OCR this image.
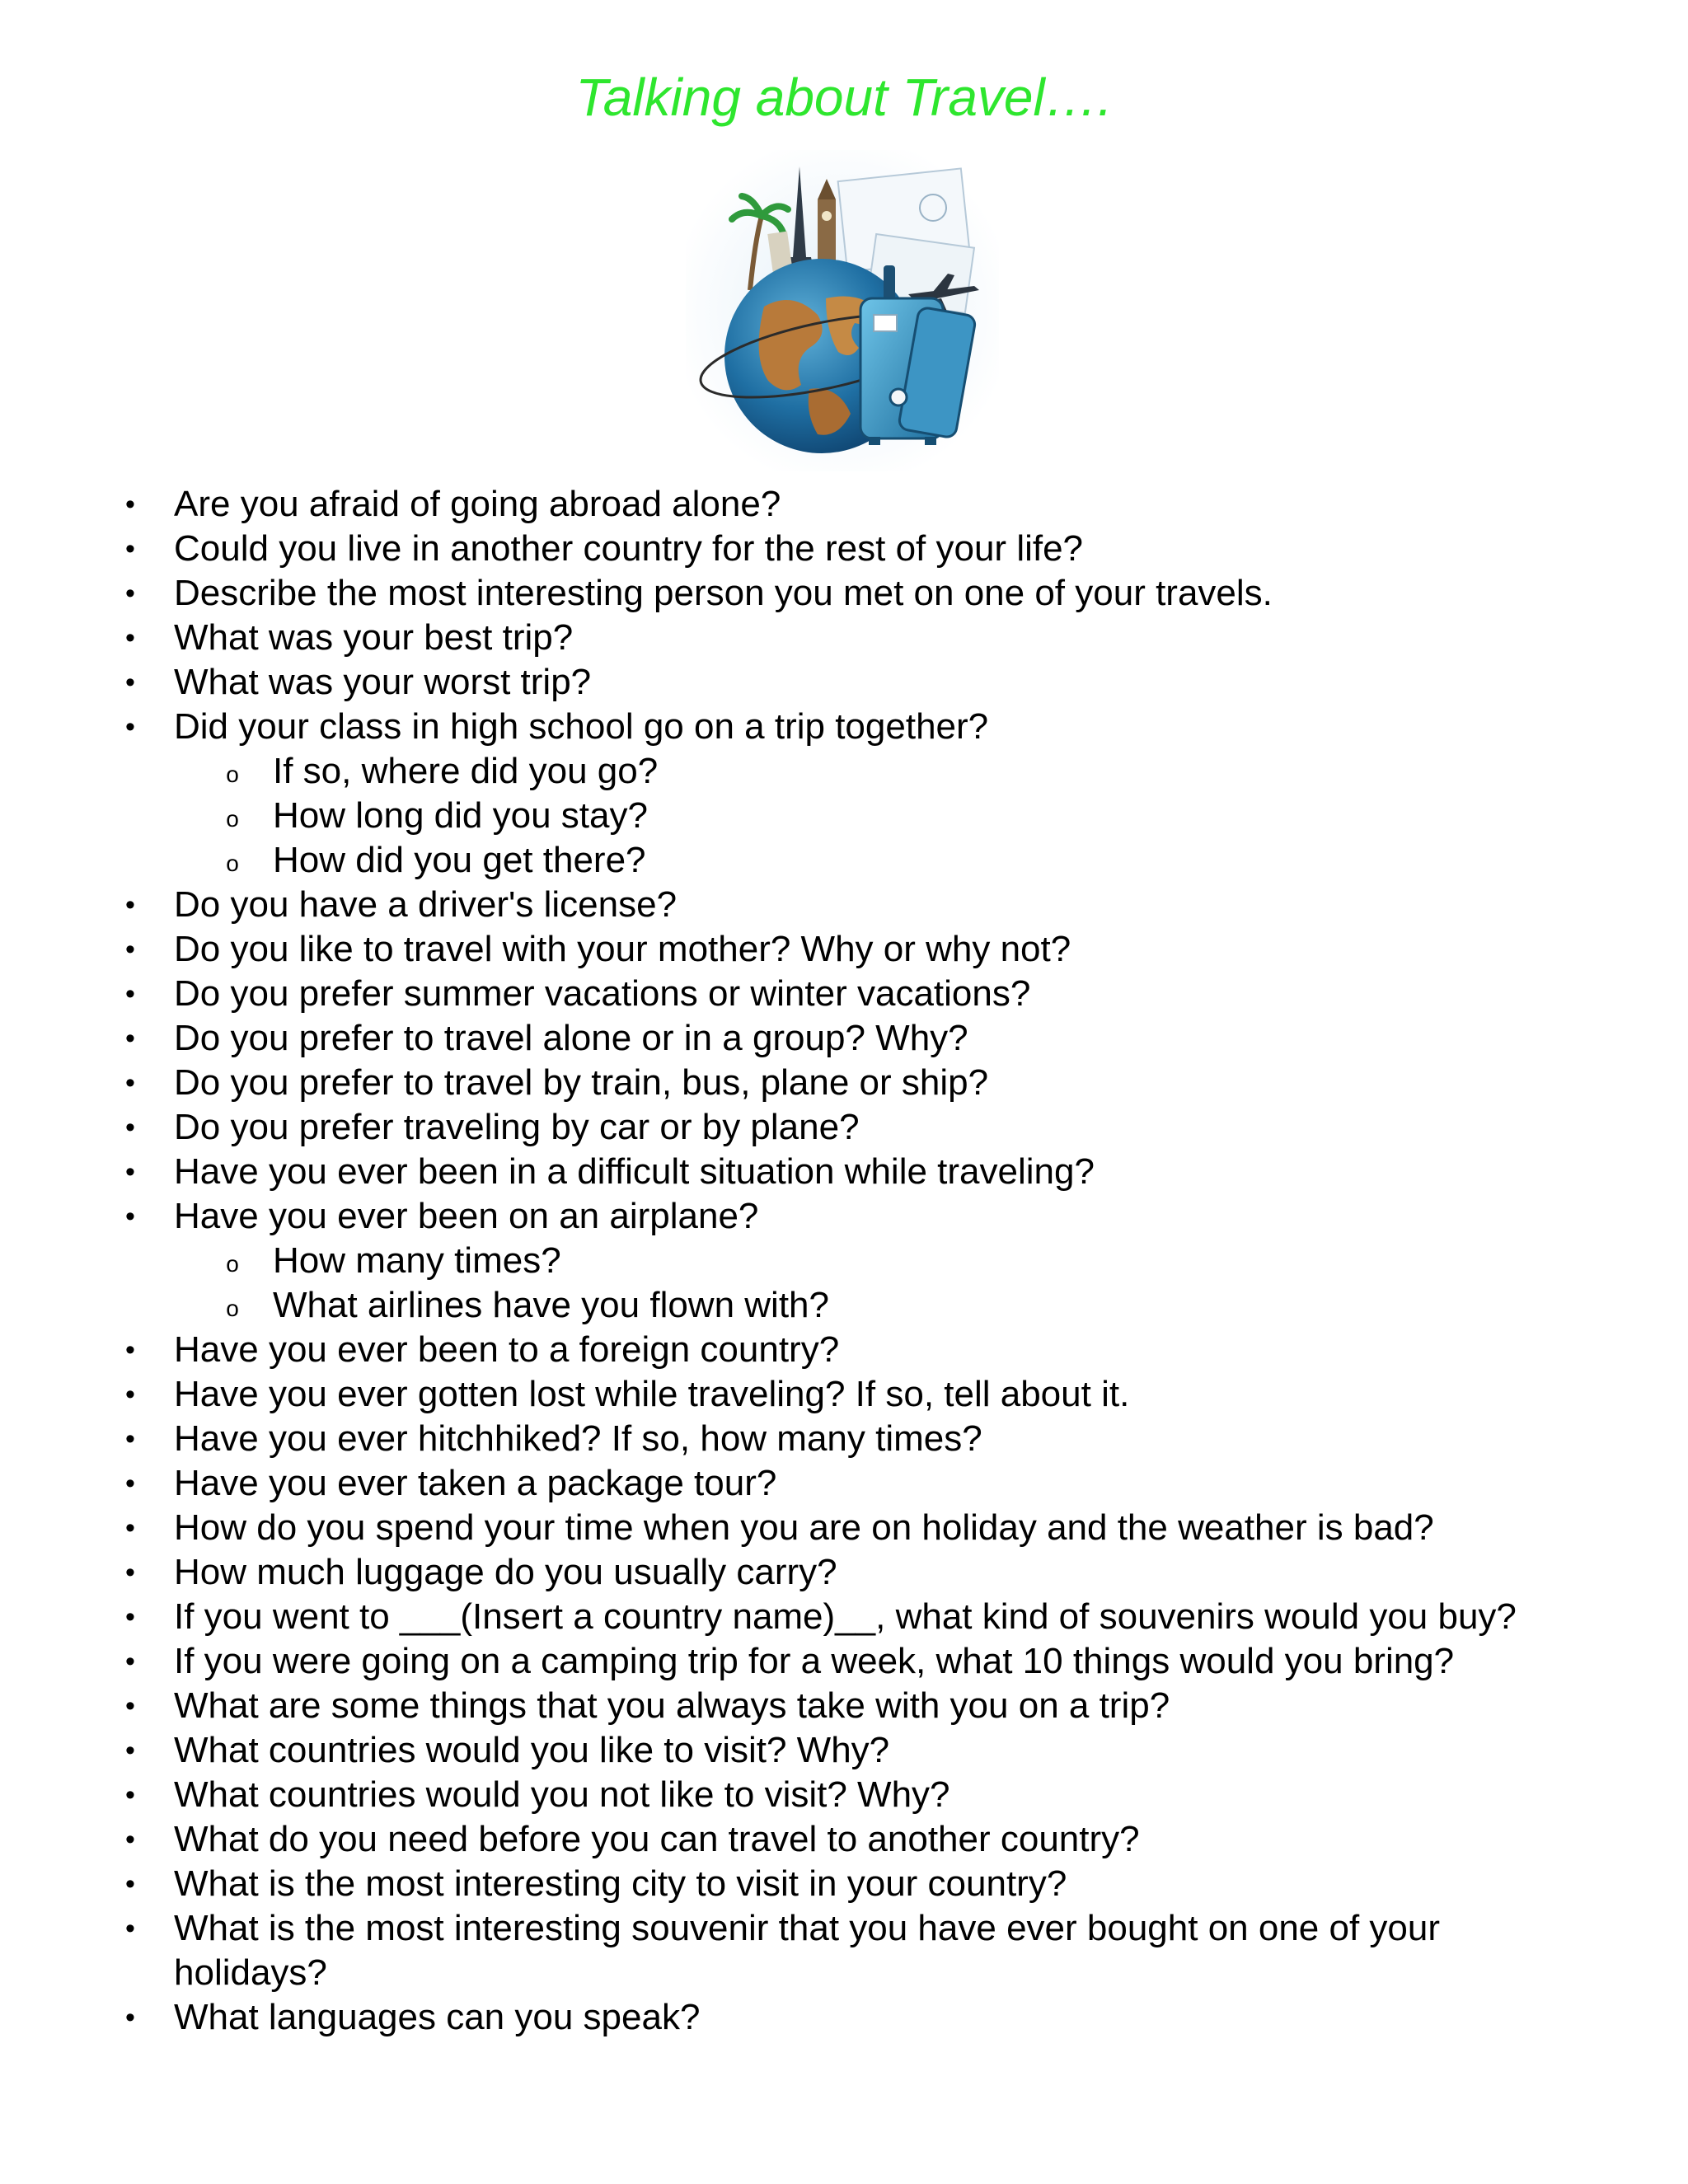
Talking about Travel….
• Are you afraid of going abroad alone?
• Could you live in another country for the rest of your life?
• Describe the most interesting person you met on one of your travels.
• What was your best trip?
• What was your worst trip?
• Did your class in high school go on a trip together?
o If so, where did you go?
o How long did you stay?
o How did you get there?
• Do you have a driver's license?
• Do you like to travel with your mother? Why or why not?
• Do you prefer summer vacations or winter vacations?
• Do you prefer to travel alone or in a group? Why?
• Do you prefer to travel by train, bus, plane or ship?
• Do you prefer traveling by car or by plane?
• Have you ever been in a difficult situation while traveling?
• Have you ever been on an airplane?
o How many times?
o What airlines have you flown with?
• Have you ever been to a foreign country?
• Have you ever gotten lost while traveling? If so, tell about it.
• Have you ever hitchhiked? If so, how many times?
• Have you ever taken a package tour?
• How do you spend your time when you are on holiday and the weather is bad?
• How much luggage do you usually carry?
• If you went to ___(Insert a country name)__, what kind of souvenirs would you buy?
• If you were going on a camping trip for a week, what 10 things would you bring?
• What are some things that you always take with you on a trip?
• What countries would you like to visit? Why?
• What countries would you not like to visit? Why?
• What do you need before you can travel to another country?
• What is the most interesting city to visit in your country?
• What is the most interesting souvenir that you have ever bought on one of your holidays?
• What languages can you speak?
